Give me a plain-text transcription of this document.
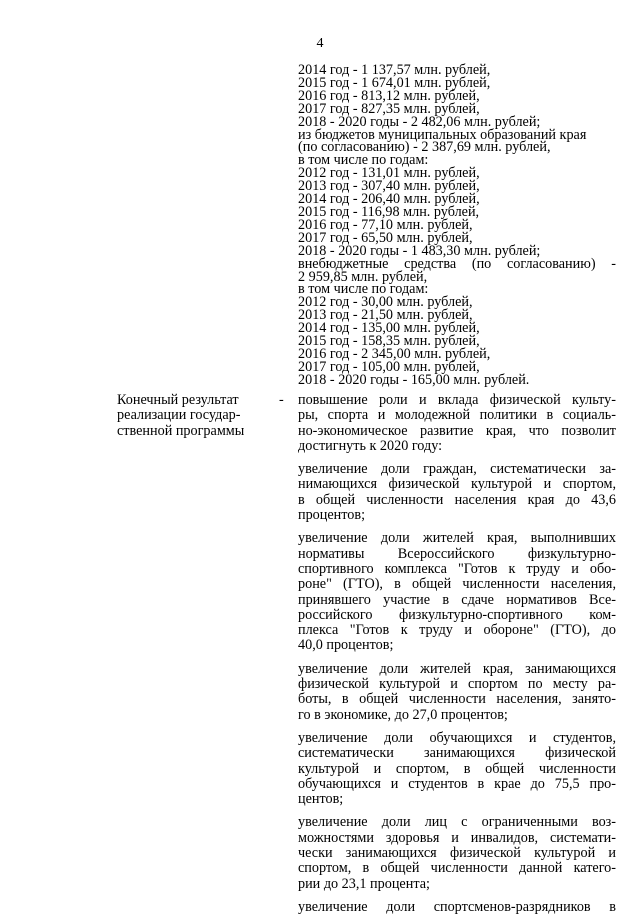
4
2014 год - 1 137,57 млн. рублей,
2015 год - 1 674,01 млн. рублей,
2016 год - 813,12 млн. рублей,
2017 год - 827,35 млн. рублей,
2018 - 2020 годы - 2 482,06 млн. рублей;
из бюджетов муниципальных образований края
(по согласованию) - 2 387,69 млн. рублей,
в том числе по годам:
2012 год - 131,01 млн. рублей,
2013 год - 307,40 млн. рублей,
2014 год - 206,40 млн. рублей,
2015 год - 116,98 млн. рублей,
2016 год - 77,10 млн. рублей,
2017 год - 65,50 млн. рублей,
2018 - 2020 годы - 1 483,30 млн. рублей;
внебюджетные средства (по согласованию) -
2 959,85 млн. рублей,
в том числе по годам:
2012 год - 30,00 млн. рублей,
2013 год - 21,50 млн. рублей,
2014 год - 135,00 млн. рублей,
2015 год - 158,35 млн. рублей,
2016 год - 2 345,00 млн. рублей,
2017 год - 105,00 млн. рублей,
2018 - 2020 годы - 165,00 млн. рублей.
Конечный результат
реализации государ-
ственной программы
- повышение роли и вклада физической культу-
ры, спорта и молодежной политики в социаль-
но-экономическое развитие края, что позволит
достигнуть к 2020 году:
увеличение доли граждан, систематически за-
нимающихся физической культурой и спортом,
в общей численности населения края до 43,6
процентов;
увеличение доли жителей края, выполнивших
нормативы Всероссийского физкультурно-
спортивного комплекса "Готов к труду и обо-
роне" (ГТО), в общей численности населения,
принявшего участие в сдаче нормативов Все-
российского физкультурно-спортивного ком-
плекса "Готов к труду и обороне" (ГТО), до
40,0 процентов;
увеличение доли жителей края, занимающихся
физической культурой и спортом по месту ра-
боты, в общей численности населения, занято-
го в экономике, до 27,0 процентов;
увеличение доли обучающихся и студентов,
систематически занимающихся физической
культурой и спортом, в общей численности
обучающихся и студентов в крае до 75,5 про-
центов;
увеличение доли лиц с ограниченными воз-
можностями здоровья и инвалидов, системати-
чески занимающихся физической культурой и
спортом, в общей численности данной катего-
рии до 23,1 процента;
увеличение доли спортсменов-разрядников в
